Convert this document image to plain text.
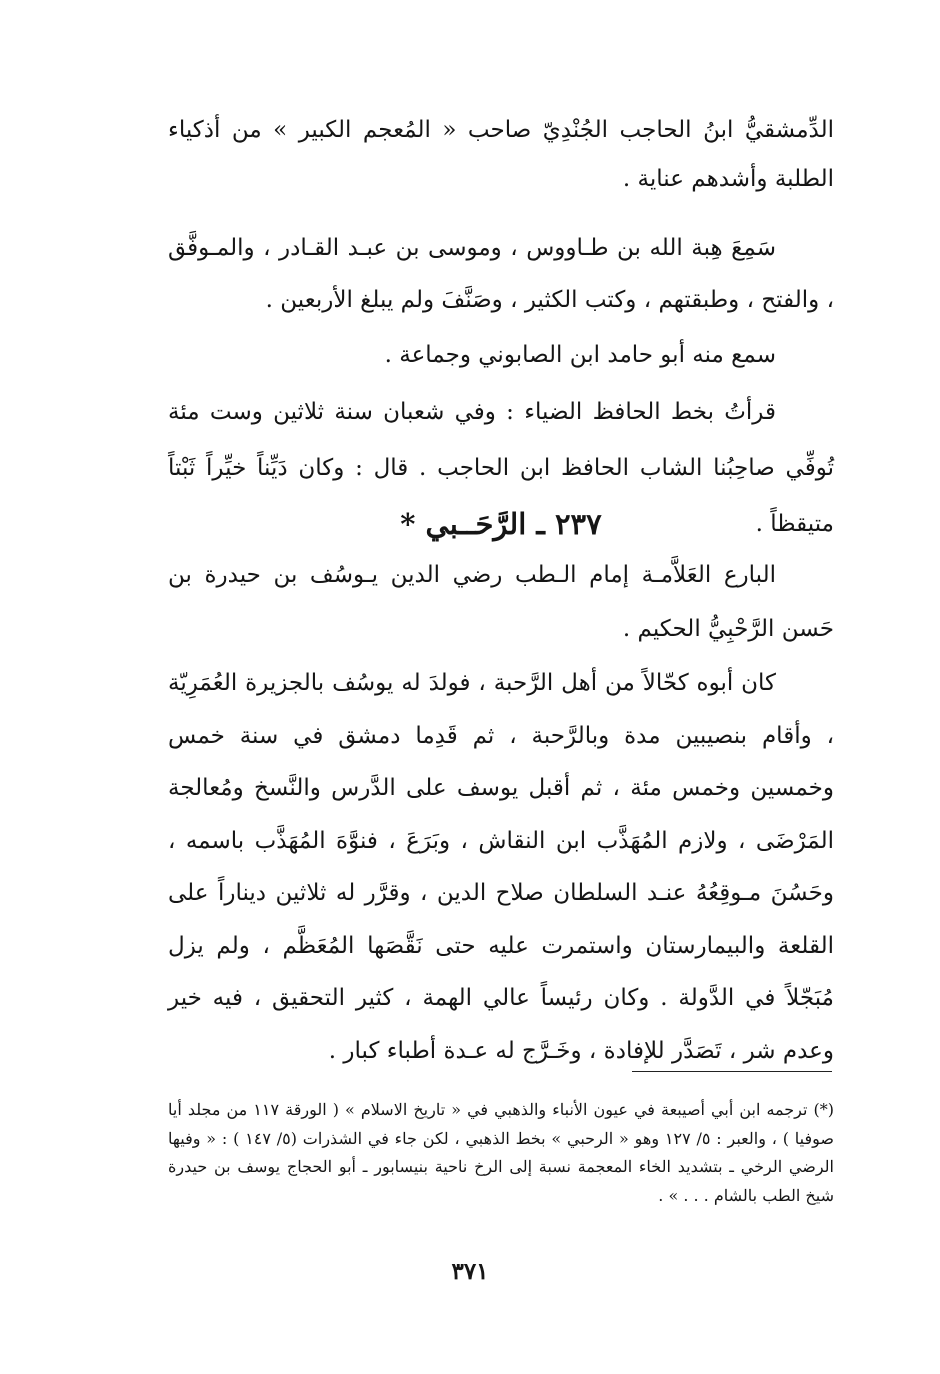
الدِّمشقيُّ ابنُ الحاجب الجُنْدِيّ صاحب « المُعجم الكبير » من أذكياء الطلبة وأشدهم عناية .

سَمِعَ هِبة الله بن طـاووس ، وموسى بن عبـد القـادر ، والمـوفَّق ، والفتح ، وطبقتهم ، وكتب الكثير ، وصَنَّفَ ولم يبلغ الأربعين .

سمع منه أبو حامد ابن الصابوني وجماعة .

قرأتُ بخط الحافظ الضياء : وفي شعبان سنة ثلاثين وست مئة تُوفِّي صاحِبُنا الشاب الحافظ ابن الحاجب . قال : وكان دَيِّناً خيِّراً ثَبْتاً متيقظاً .

٢٣٧ ـ الرَّحَــبي *

البارع العَلاَّمـة إمام الـطب رضي الدين يـوسُف بن حيدرة بن حَسن الرَّحْبِيُّ الحكيم .

كان أبوه كحّالاً من أهل الرَّحبة ، فولدَ له يوسُف بالجزيرة العُمَرِيّة ، وأقام بنصيبين مدة وبالرَّحبة ، ثم قَدِما دمشق في سنة خمس وخمسين وخمس مئة ، ثم أقبل يوسف على الدَّرس والنَّسخ ومُعالجة المَرْضَى ، ولازم المُهَذَّب ابن النقاش ، وبَرَعَ ، فنوَّهَ المُهَذَّب باسمه ، وحَسُنَ مـوقِعُهُ عنـد السلطان صلاح الدين ، وقرَّر له ثلاثين ديناراً على القلعة والبيمارستان واستمرت عليه حتى نَقَّصَها المُعَظَّم ، ولم يزل مُبَجّلاً في الدَّولة . وكان رئيساً عالي الهمة ، كثير التحقيق ، فيه خير وعدم شر ، تَصَدَّر للإفادة ، وخَـرَّج له عـدة أطباء كبار .

(*) ترجمه ابن أبي أصيبعة في عيون الأنباء والذهبي في « تاريخ الاسلام » ( الورقة ١١٧ من مجلد أيا صوفيا ) ، والعبر : ٥/ ١٢٧ وهو « الرحبي » بخط الذهبي ، لكن جاء في الشذرات (٥/ ١٤٧ ) : « وفيها الرضي الرخي ـ بتشديد الخاء المعجمة نسبة إلى الرخ ناحية بنيسابور ـ أبو الحجاج يوسف بن حيدرة شيخ الطب بالشام . . . » .

٣٧١
